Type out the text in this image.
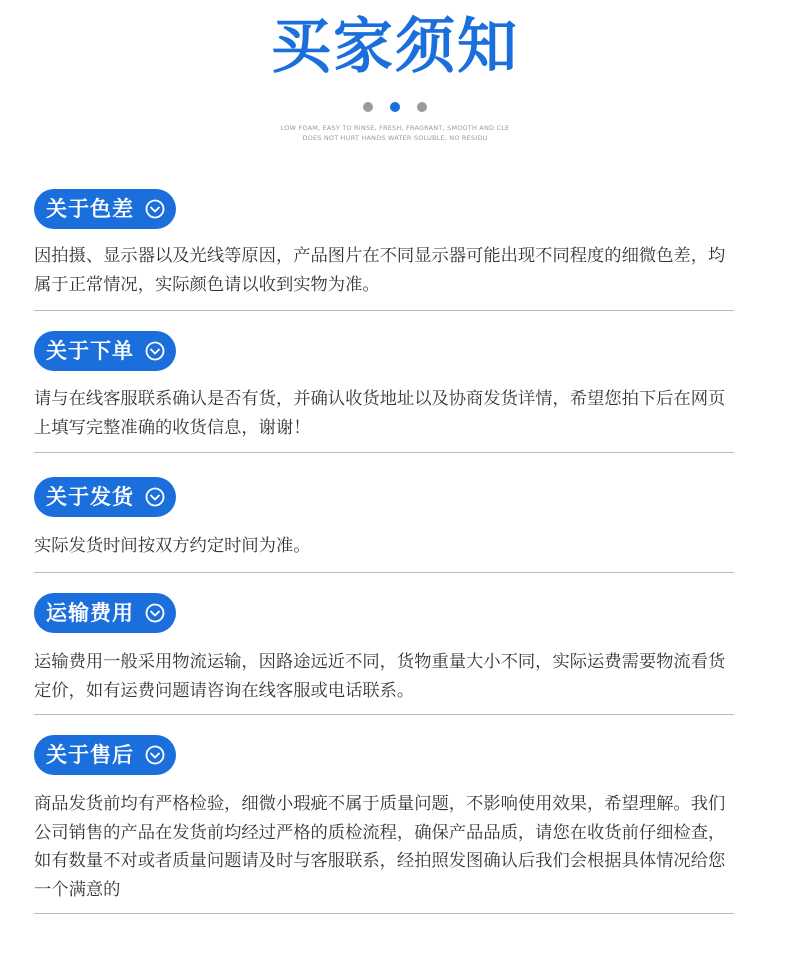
买家须知

LOW FOAM, EASY TO RINSE, FRESH, FRAGRANT, SMOOTH AND CLE
DOES NOT HURT HANDS WATER SOLUBLE, NO RESIDU
关于色差

因拍摄、显示器以及光线等原因，产品图片在不同显示器可能出现不同程度的细微色差，均属于正常情况，实际颜色请以收到实物为准。

关于下单

请与在线客服联系确认是否有货，并确认收货地址以及协商发货详情，希望您拍下后在网页上填写完整准确的收货信息，谢谢！

关于发货

实际发货时间按双方约定时间为准。

运输费用

运输费用一般采用物流运输，因路途远近不同，货物重量大小不同，实际运费需要物流看货定价，如有运费问题请咨询在线客服或电话联系。

关于售后

商品发货前均有严格检验，细微小瑕疵不属于质量问题，不影响使用效果，希望理解。我们公司销售的产品在发货前均经过严格的质检流程，确保产品品质，请您在收货前仔细检查，如有数量不对或者质量问题请及时与客服联系，经拍照发图确认后我们会根据具体情况给您一个满意的
